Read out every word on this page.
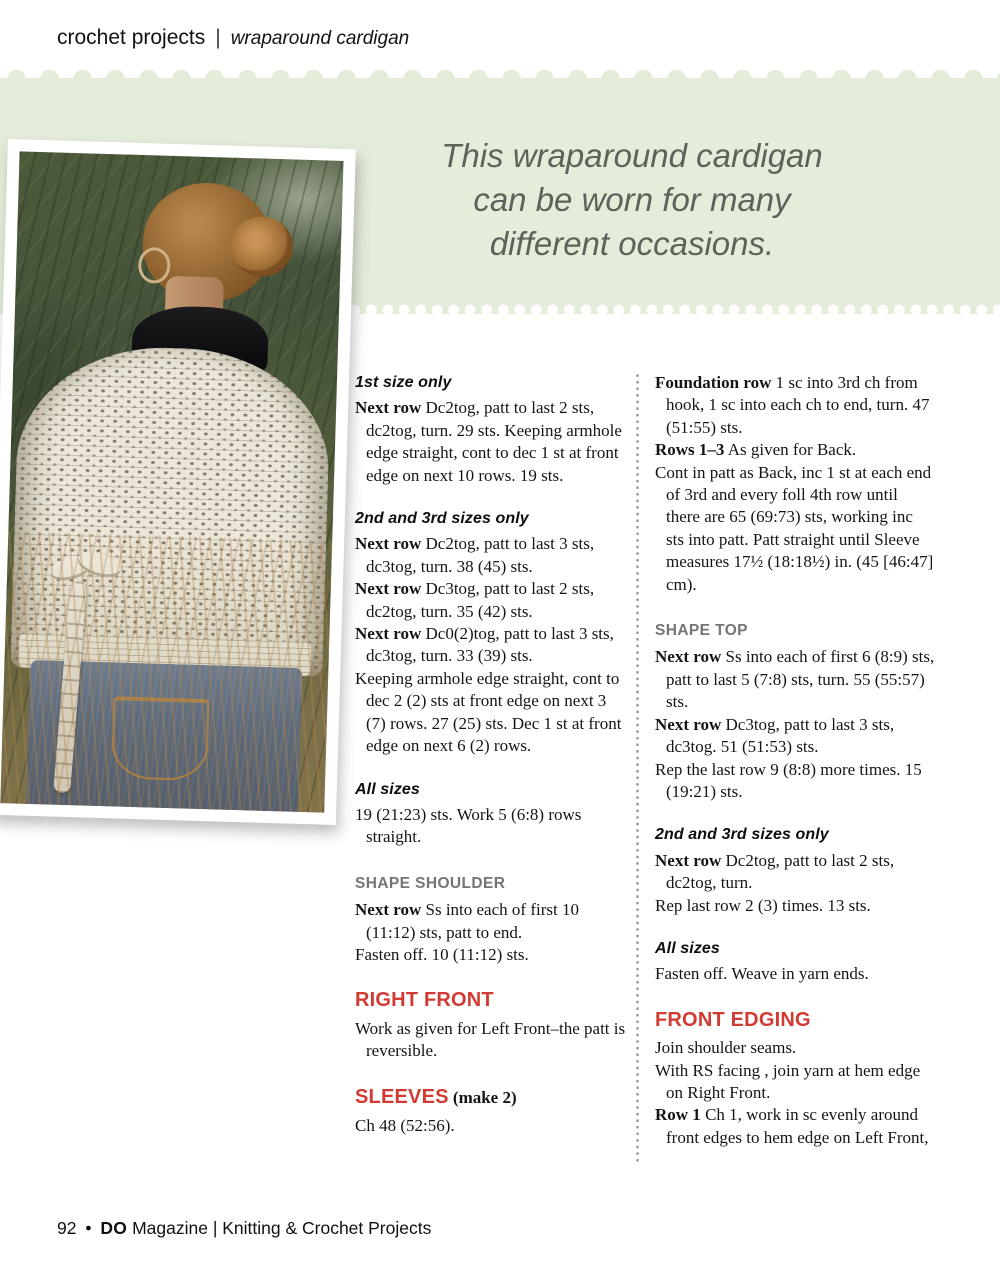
crochet projects | wraparound cardigan
This wraparound cardigan
can be worn for many
different occasions.
1st size only

Next row Dc2tog, patt to last 2 sts, dc2tog, turn. 29 sts. Keeping armhole edge straight, cont to dec 1 st at front edge on next 10 rows. 19 sts.

2nd and 3rd sizes only

Next row Dc2tog, patt to last 3 sts, dc3tog, turn. 38 (45) sts.

Next row Dc3tog, patt to last 2 sts, dc2tog, turn. 35 (42) sts.

Next row Dc0(2)tog, patt to last 3 sts, dc3tog, turn. 33 (39) sts.

Keeping armhole edge straight, cont to dec 2 (2) sts at front edge on next 3 (7) rows. 27 (25) sts. Dec 1 st at front edge on next 6 (2) rows.

All sizes

19 (21:23) sts. Work 5 (6:8) rows straight.

SHAPE SHOULDER

Next row Ss into each of first 10 (11:12) sts, patt to end.

Fasten off. 10 (11:12) sts.

RIGHT FRONT

Work as given for Left Front–the patt is reversible.

SLEEVES (make 2)

Ch 48 (52:56).

Foundation row 1 sc into 3rd ch from hook, 1 sc into each ch to end, turn. 47 (51:55) sts.

Rows 1–3 As given for Back.

Cont in patt as Back, inc 1 st at each end of 3rd and every foll 4th row until there are 65 (69:73) sts, working inc sts into patt. Patt straight until Sleeve measures 17½ (18:18½) in. (45 [46:47] cm).

SHAPE TOP

Next row Ss into each of first 6 (8:9) sts, patt to last 5 (7:8) sts, turn. 55 (55:57) sts.

Next row Dc3tog, patt to last 3 sts, dc3tog. 51 (51:53) sts.

Rep the last row 9 (8:8) more times. 15 (19:21) sts.

2nd and 3rd sizes only

Next row Dc2tog, patt to last 2 sts, dc2tog, turn.

Rep last row 2 (3) times. 13 sts.

All sizes

Fasten off. Weave in yarn ends.

FRONT EDGING

Join shoulder seams.

With RS facing , join yarn at hem edge on Right Front.

Row 1 Ch 1, work in sc evenly around front edges to hem edge on Left Front,

92 • DO Magazine | Knitting & Crochet Projects
